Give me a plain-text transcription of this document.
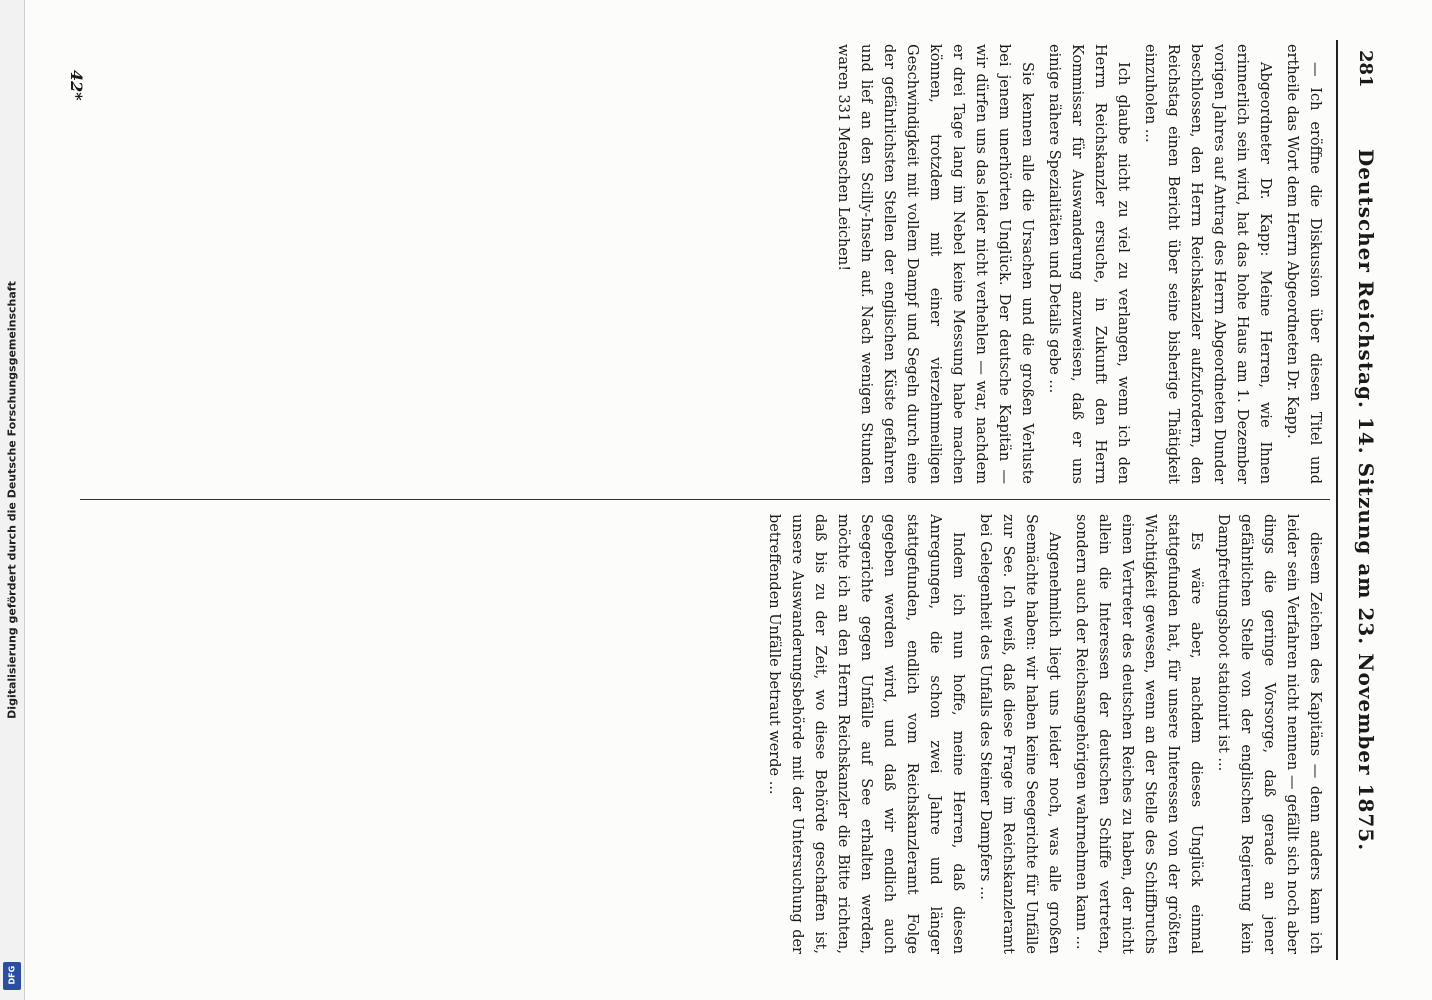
281
Deutscher Reichstag. 14. Sitzung am 23. November 1875.

— Ich eröffne die Diskussion über diesen Titel und ertheile das Wort dem Herrn Abgeordneten Dr. Kapp.

Abgeordneter Dr. Kapp: Meine Herren, wie Ihnen erinnerlich sein wird, hat das hohe Haus am 1. Dezember vorigen Jahres auf Antrag des Herrn Abgeordneten Dunder beschlossen, den Herrn Reichskanzler aufzufordern, den Reichstag einen Bericht über seine bisherige Thätigkeit einzuholen ...

Ich glaube nicht zu viel zu verlangen, wenn ich den Herrn Reichskanzler ersuche, in Zukunft den Herrn Kommissar für Auswanderung anzuweisen, daß er uns einige nähere Spezialitäten und Details gebe ...

Sie kennen alle die Ursachen und die großen Verluste bei jenem unerhörten Unglück. Der deutsche Kapitän — wir dürfen uns das leider nicht verhehlen — war, nachdem er drei Tage lang im Nebel keine Messung habe machen können, trotzdem mit einer vierzehnmeiligen Geschwindigkeit mit vollem Dampf und Segeln durch eine der gefährlichsten Stellen der englischen Küste gefahren und lief an den Scilly-Inseln auf. Nach wenigen Stunden waren 331 Menschen Leichen!

diesem Zeichen des Kapitäns — denn anders kann ich leider sein Verfahren nicht nennen — gefällt sich noch aber dings die geringe Vorsorge, daß gerade an jener gefährlichen Stelle von der englischen Regierung kein Dampfrettungsboot stationirt ist ...

Es wäre aber, nachdem dieses Unglück einmal stattgefunden hat, für unsere Interessen von der größten Wichtigkeit gewesen, wenn an der Stelle des Schiffbruchs einen Vertreter des deutschen Reiches zu haben, der nicht allein die Interessen der deutschen Schiffe vertreten, sondern auch der Reichsangehörigen wahrnehmen kann ...

Angenehmlich liegt uns leider noch, was alle großen Seemächte haben: wir haben keine Seegerichte für Unfälle zur See. Ich weiß, daß diese Frage im Reichskanzleramt bei Gelegenheit des Unfalls des Steiner Dampfers ...

Indem ich nun hoffe, meine Herren, daß diesen Anregungen, die schon zwei Jahre und länger stattgefunden, endlich vom Reichskanzleramt Folge gegeben werden wird, und daß wir endlich auch Seegerichte gegen Unfälle auf See erhalten werden, möchte ich an den Herrn Reichskanzler die Bitte richten, daß bis zu der Zeit, wo diese Behörde geschaffen ist, unsere Auswanderungsbehörde mit der Untersuchung der betreffenden Unfälle betraut werde ...

42*
Digitalisierung gefördert durch die Deutsche Forschungsgemeinschaft
DFG
